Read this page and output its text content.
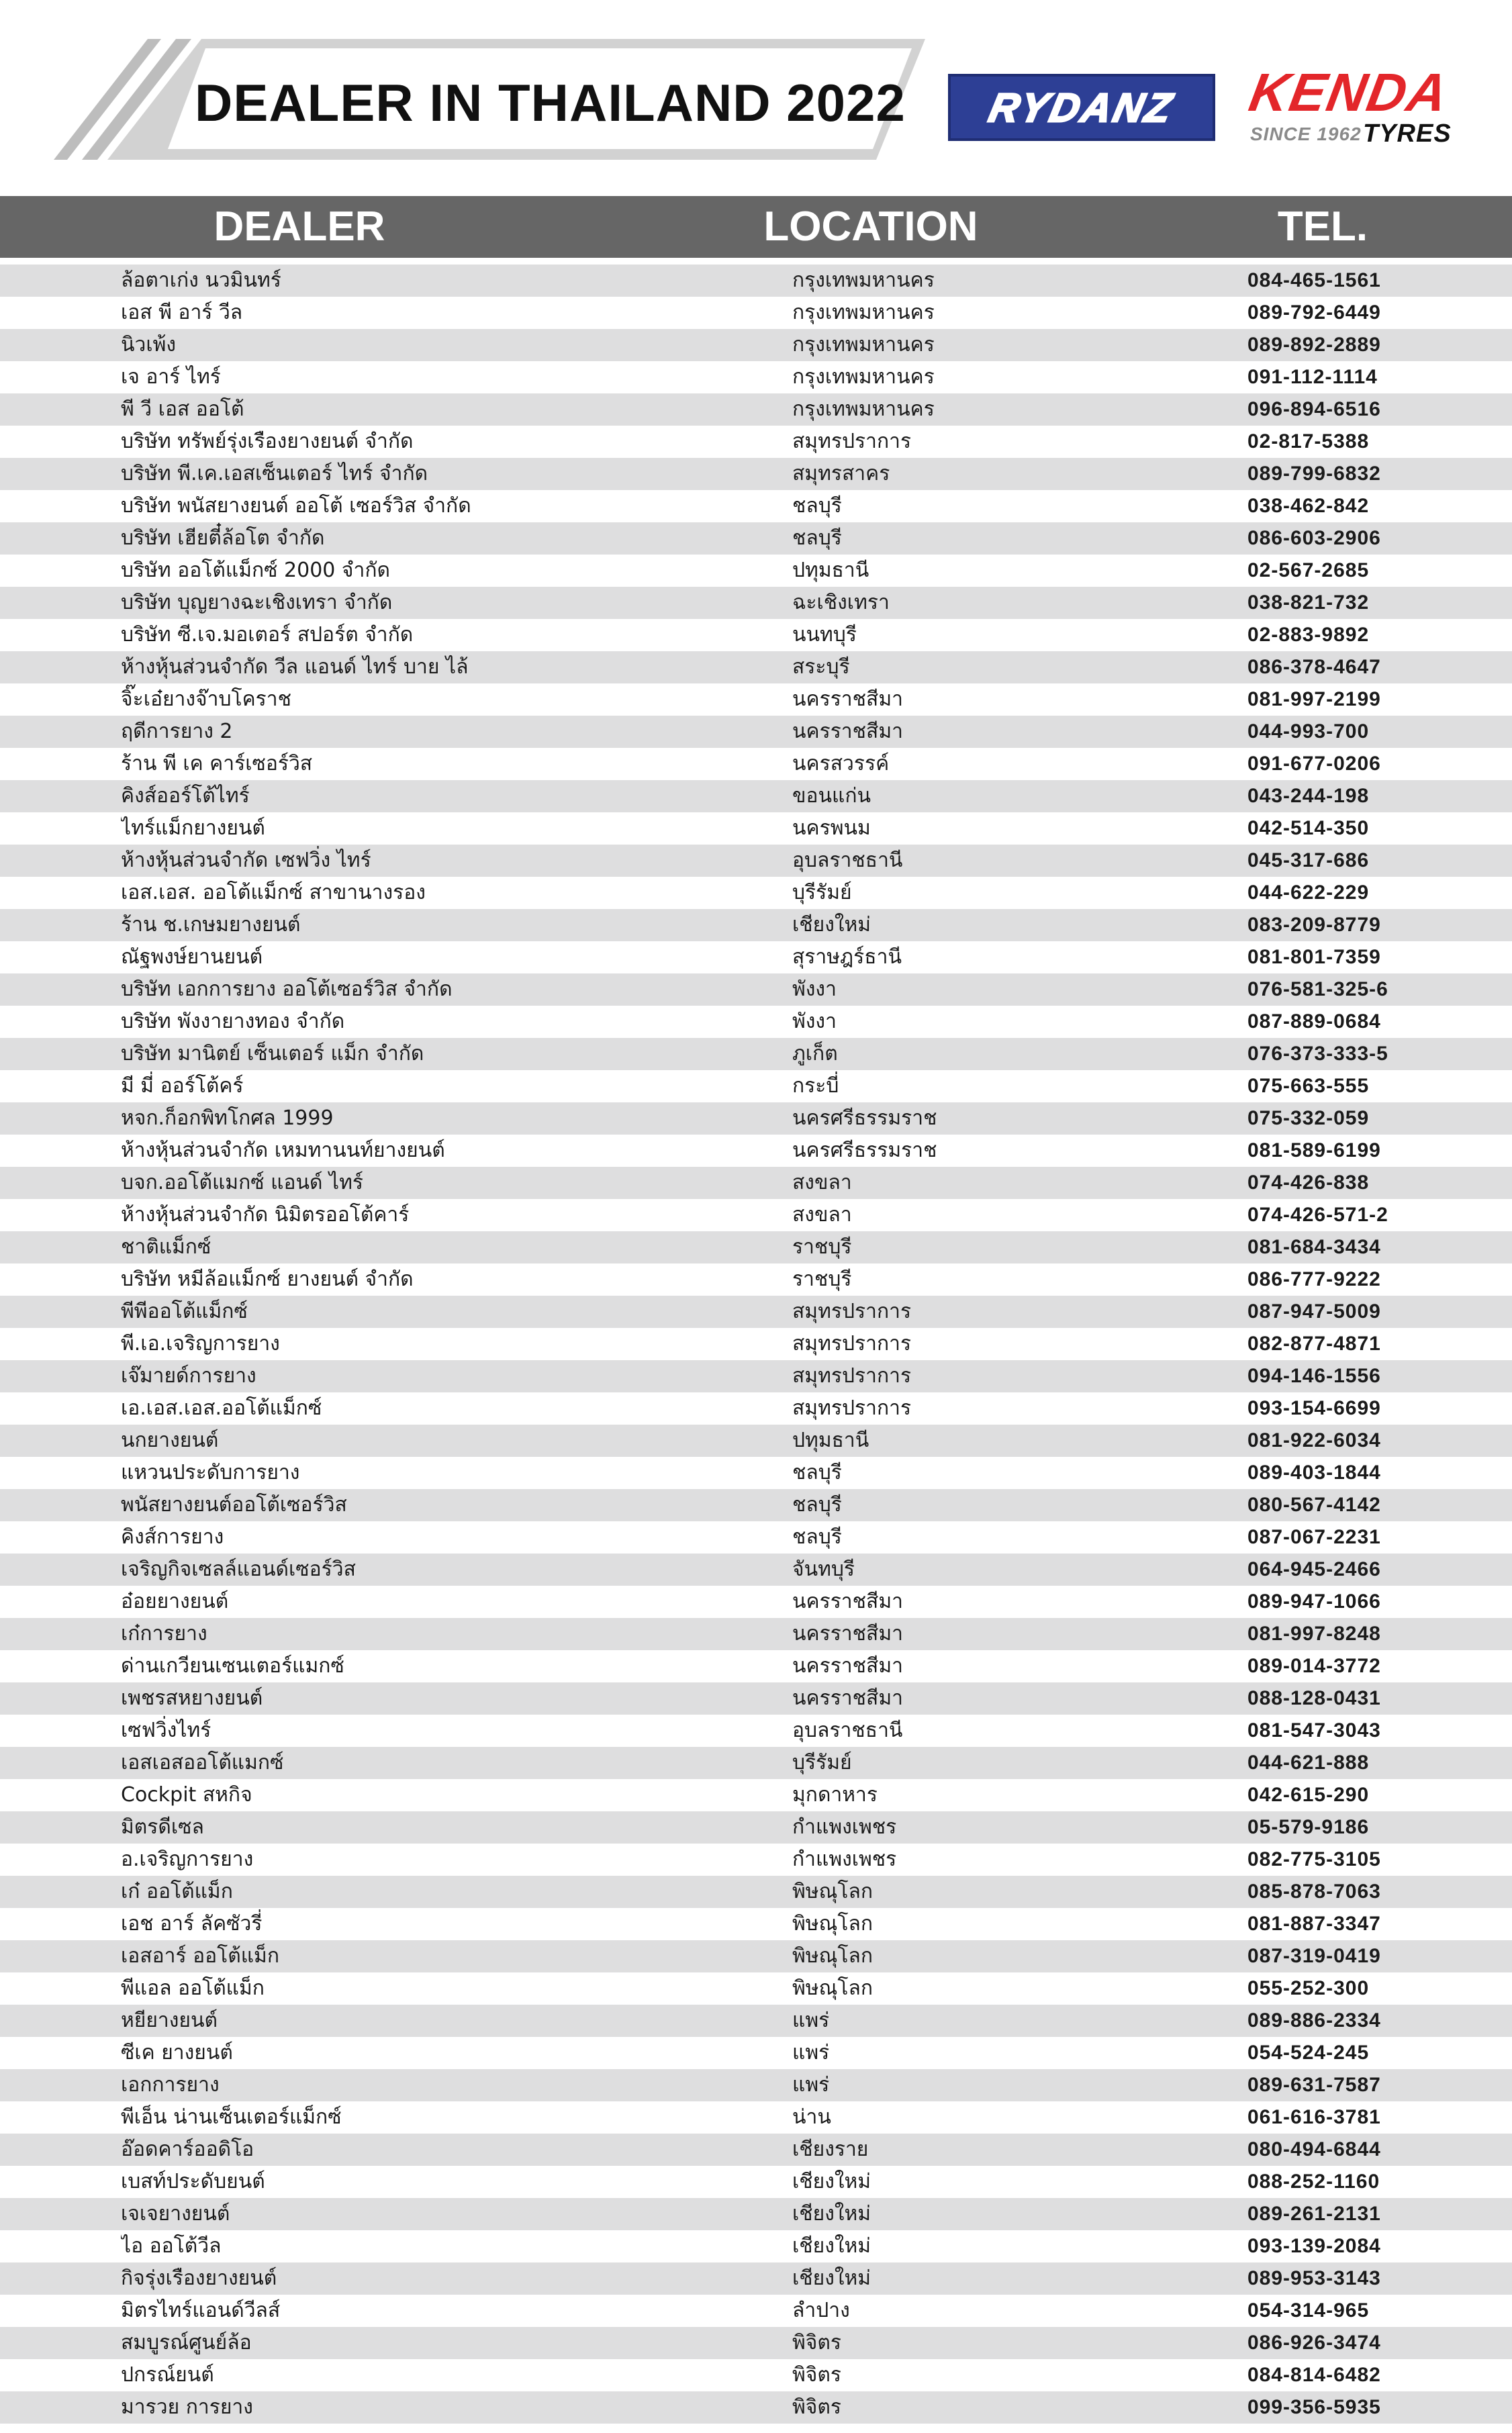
DEALER IN THAILAND 2022	RYDANZ	KENDA
SINCE 1962 TYRES
DEALER	LOCATION	TEL.
ล้อตาเก่ง นวมินทร์	กรุงเทพมหานคร	084-465-1561
เอส พี อาร์ วีล	กรุงเทพมหานคร	089-792-6449
นิวเพ้ง	กรุงเทพมหานคร	089-892-2889
เจ อาร์ ไทร์	กรุงเทพมหานคร	091-112-1114
พี วี เอส ออโต้	กรุงเทพมหานคร	096-894-6516
บริษัท ทรัพย์รุ่งเรืองยางยนต์ จำกัด	สมุทรปราการ	02-817-5388
บริษัท พี.เค.เอสเซ็นเตอร์ ไทร์ จำกัด	สมุทรสาคร	089-799-6832
บริษัท พนัสยางยนต์ ออโต้ เซอร์วิส จำกัด	ชลบุรี	038-462-842
บริษัท เฮียตี๋ล้อโต จำกัด	ชลบุรี	086-603-2906
บริษัท ออโต้แม็กซ์ 2000 จำกัด	ปทุมธานี	02-567-2685
บริษัท บุญยางฉะเชิงเทรา จำกัด	ฉะเชิงเทรา	038-821-732
บริษัท ซี.เจ.มอเตอร์ สปอร์ต จำกัด	นนทบุรี	02-883-9892
ห้างหุ้นส่วนจำกัด วีล แอนด์ ไทร์ บาย ไล้	สระบุรี	086-378-4647
จิ๊ะเอ๋ยางจ๊าบโคราช	นครราชสีมา	081-997-2199
ฤดีการยาง 2	นครราชสีมา	044-993-700
ร้าน พี เค คาร์เซอร์วิส	นครสวรรค์	091-677-0206
คิงส์ออร์โต้ไทร์	ขอนแก่น	043-244-198
ไทร์แม็กยางยนต์	นครพนม	042-514-350
ห้างหุ้นส่วนจำกัด เซฟวิ่ง ไทร์	อุบลราชธานี	045-317-686
เอส.เอส. ออโต้แม็กซ์ สาขานางรอง	บุรีรัมย์	044-622-229
ร้าน ช.เกษมยางยนต์	เชียงใหม่	083-209-8779
ณัฐพงษ์ยานยนต์	สุราษฎร์ธานี	081-801-7359
บริษัท เอกการยาง ออโต้เซอร์วิส จำกัด	พังงา	076-581-325-6
บริษัท พังงายางทอง จำกัด	พังงา	087-889-0684
บริษัท มานิตย์ เซ็นเตอร์ แม็ก จำกัด	ภูเก็ต	076-373-333-5
มี มี่ ออร์โต้คร์	กระบี่	075-663-555
หจก.ก็อกพิทโกศล 1999	นครศรีธรรมราช	075-332-059
ห้างหุ้นส่วนจำกัด เหมทานนท์ยางยนต์	นครศรีธรรมราช	081-589-6199
บจก.ออโต้แมกซ์ แอนด์ ไทร์	สงขลา	074-426-838
ห้างหุ้นส่วนจำกัด นิมิตรออโต้คาร์	สงขลา	074-426-571-2
ชาติแม็กซ์	ราชบุรี	081-684-3434
บริษัท หมีล้อแม็กซ์ ยางยนต์ จำกัด	ราชบุรี	086-777-9222
พีพีออโต้แม็กซ์	สมุทรปราการ	087-947-5009
พี.เอ.เจริญการยาง	สมุทรปราการ	082-877-4871
เจ๊มายด์การยาง	สมุทรปราการ	094-146-1556
เอ.เอส.เอส.ออโต้แม็กซ์	สมุทรปราการ	093-154-6699
นกยางยนต์	ปทุมธานี	081-922-6034
แหวนประดับการยาง	ชลบุรี	089-403-1844
พนัสยางยนต์ออโต้เซอร์วิส	ชลบุรี	080-567-4142
คิงส์การยาง	ชลบุรี	087-067-2231
เจริญกิจเซลล์แอนด์เซอร์วิส	จันทบุรี	064-945-2466
อ๋อยยางยนต์	นครราชสีมา	089-947-1066
เก๋การยาง	นครราชสีมา	081-997-8248
ด่านเกวียนเซนเตอร์แมกซ์	นครราชสีมา	089-014-3772
เพชรสหยางยนต์	นครราชสีมา	088-128-0431
เซฟวิ่งไทร์	อุบลราชธานี	081-547-3043
เอสเอสออโต้แมกซ์	บุรีรัมย์	044-621-888
Cockpit สหกิจ	มุกดาหาร	042-615-290
มิตรดีเซล	กำแพงเพชร	05-579-9186
อ.เจริญการยาง	กำแพงเพชร	082-775-3105
เก๋ ออโต้แม็ก	พิษณุโลก	085-878-7063
เอช อาร์ ลัคซัวรี่	พิษณุโลก	081-887-3347
เอสอาร์ ออโต้แม็ก	พิษณุโลก	087-319-0419
พีแอล ออโต้แม็ก	พิษณุโลก	055-252-300
หยียางยนต์	แพร่	089-886-2334
ซีเค ยางยนต์	แพร่	054-524-245
เอกการยาง	แพร่	089-631-7587
พีเอ็น น่านเซ็นเตอร์แม็กซ์	น่าน	061-616-3781
อ๊อดคาร์ออดิโอ	เชียงราย	080-494-6844
เบสท์ประดับยนต์	เชียงใหม่	088-252-1160
เจเจยางยนต์	เชียงใหม่	089-261-2131
ไอ ออโต้วีล	เชียงใหม่	093-139-2084
กิจรุ่งเรืองยางยนต์	เชียงใหม่	089-953-3143
มิตรไทร์แอนด์วีลส์	ลำปาง	054-314-965
สมบูรณ์ศูนย์ล้อ	พิจิตร	086-926-3474
ปกรณ์ยนต์	พิจิตร	084-814-6482
มารวย การยาง	พิจิตร	099-356-5935
